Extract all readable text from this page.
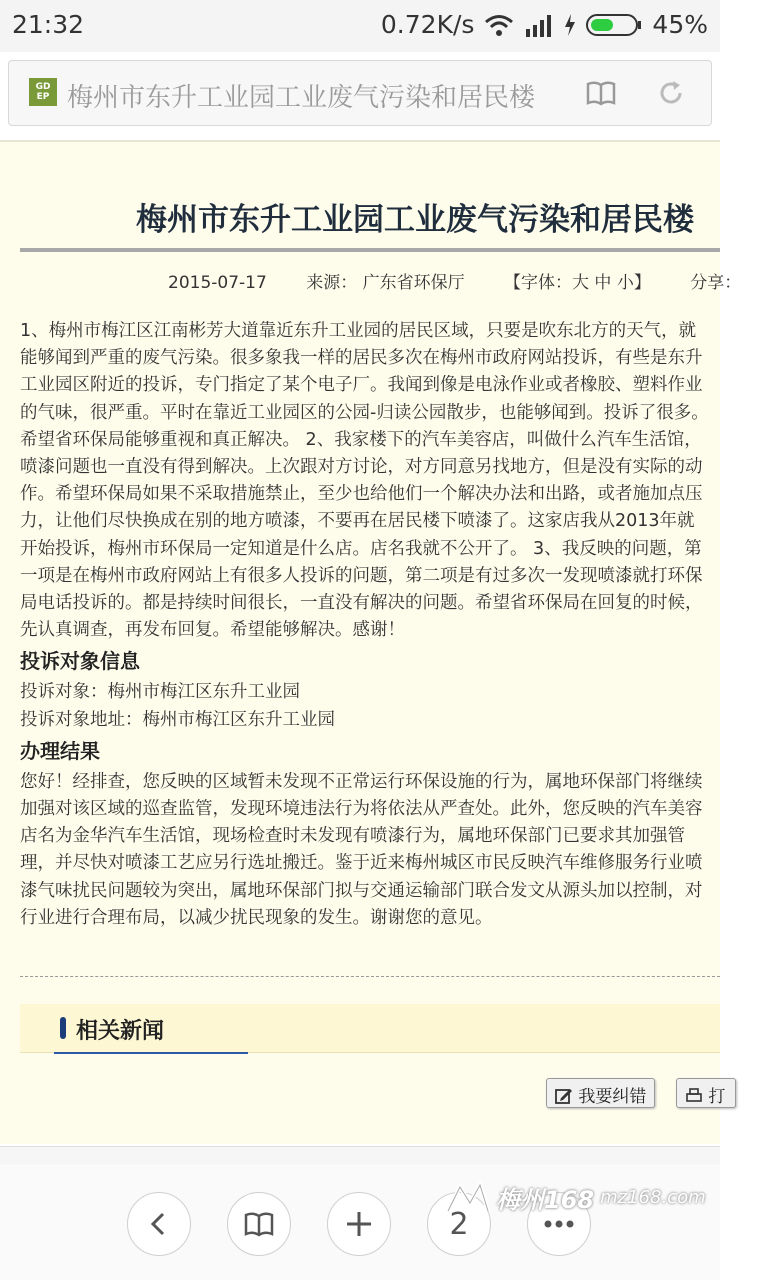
21:32	0.72K/s	45%
GDEP 梅州市东升工业园工业废气污染和居民楼
梅州市东升工业园工业废气污染和居民楼
2015-07-17 来源： 广东省环保厅 【字体：大 中 小】 分享：

1、梅州市梅江区江南彬芳大道靠近东升工业园的居民区域，只要是吹东北方的天气，就能够闻到严重的废气污染。很多象我一样的居民多次在梅州市政府网站投诉，有些是东升工业园区附近的投诉，专门指定了某个电子厂。我闻到像是电泳作业或者橡胶、塑料作业的气味，很严重。平时在靠近工业园区的公园-归读公园散步，也能够闻到。投诉了很多。希望省环保局能够重视和真正解决。 2、我家楼下的汽车美容店，叫做什么汽车生活馆，喷漆问题也一直没有得到解决。上次跟对方讨论，对方同意另找地方，但是没有实际的动作。希望环保局如果不采取措施禁止，至少也给他们一个解决办法和出路，或者施加点压力，让他们尽快换成在别的地方喷漆，不要再在居民楼下喷漆了。这家店我从2013年就开始投诉，梅州市环保局一定知道是什么店。店名我就不公开了。 3、我反映的问题，第一项是在梅州市政府网站上有很多人投诉的问题，第二项是有过多次一发现喷漆就打环保局电话投诉的。都是持续时间很长，一直没有解决的问题。希望省环保局在回复的时候，先认真调查，再发布回复。希望能够解决。感谢！

投诉对象信息

投诉对象：梅州市梅江区东升工业园

投诉对象地址：梅州市梅江区东升工业园

办理结果

您好！经排查，您反映的区域暂未发现不正常运行环保设施的行为，属地环保部门将继续加强对该区域的巡查监管，发现环境违法行为将依法从严查处。此外，您反映的汽车美容店名为金华汽车生活馆，现场检查时未发现有喷漆行为，属地环保部门已要求其加强管理，并尽快对喷漆工艺应另行选址搬迁。鉴于近来梅州城区市民反映汽车维修服务行业喷漆气味扰民问题较为突出，属地环保部门拟与交通运输部门联合发文从源头加以控制，对行业进行合理布局，以减少扰民现象的发生。谢谢您的意见。

相关新闻
我要纠错	打
2
梅州168 mz168.com
